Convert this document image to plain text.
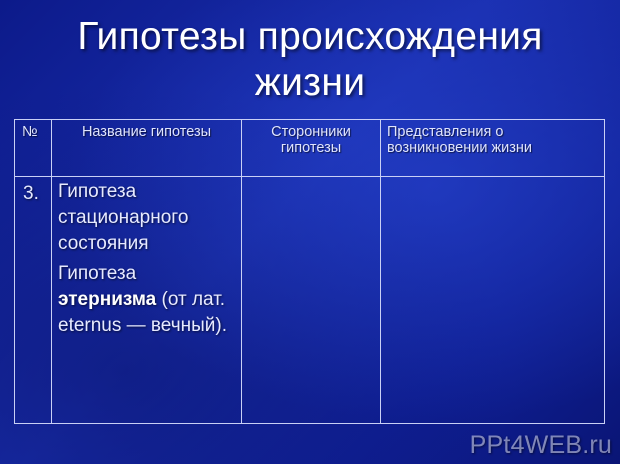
Гипотезы происхождения
жизни
№	Название гипотезы	Сторонники гипотезы	Представления о возникновении жизни

3.	Гипотеза стационарного состояния

Гипотеза этернизма (от лат. eternus — вечный).		

PPt4WEB.ru
